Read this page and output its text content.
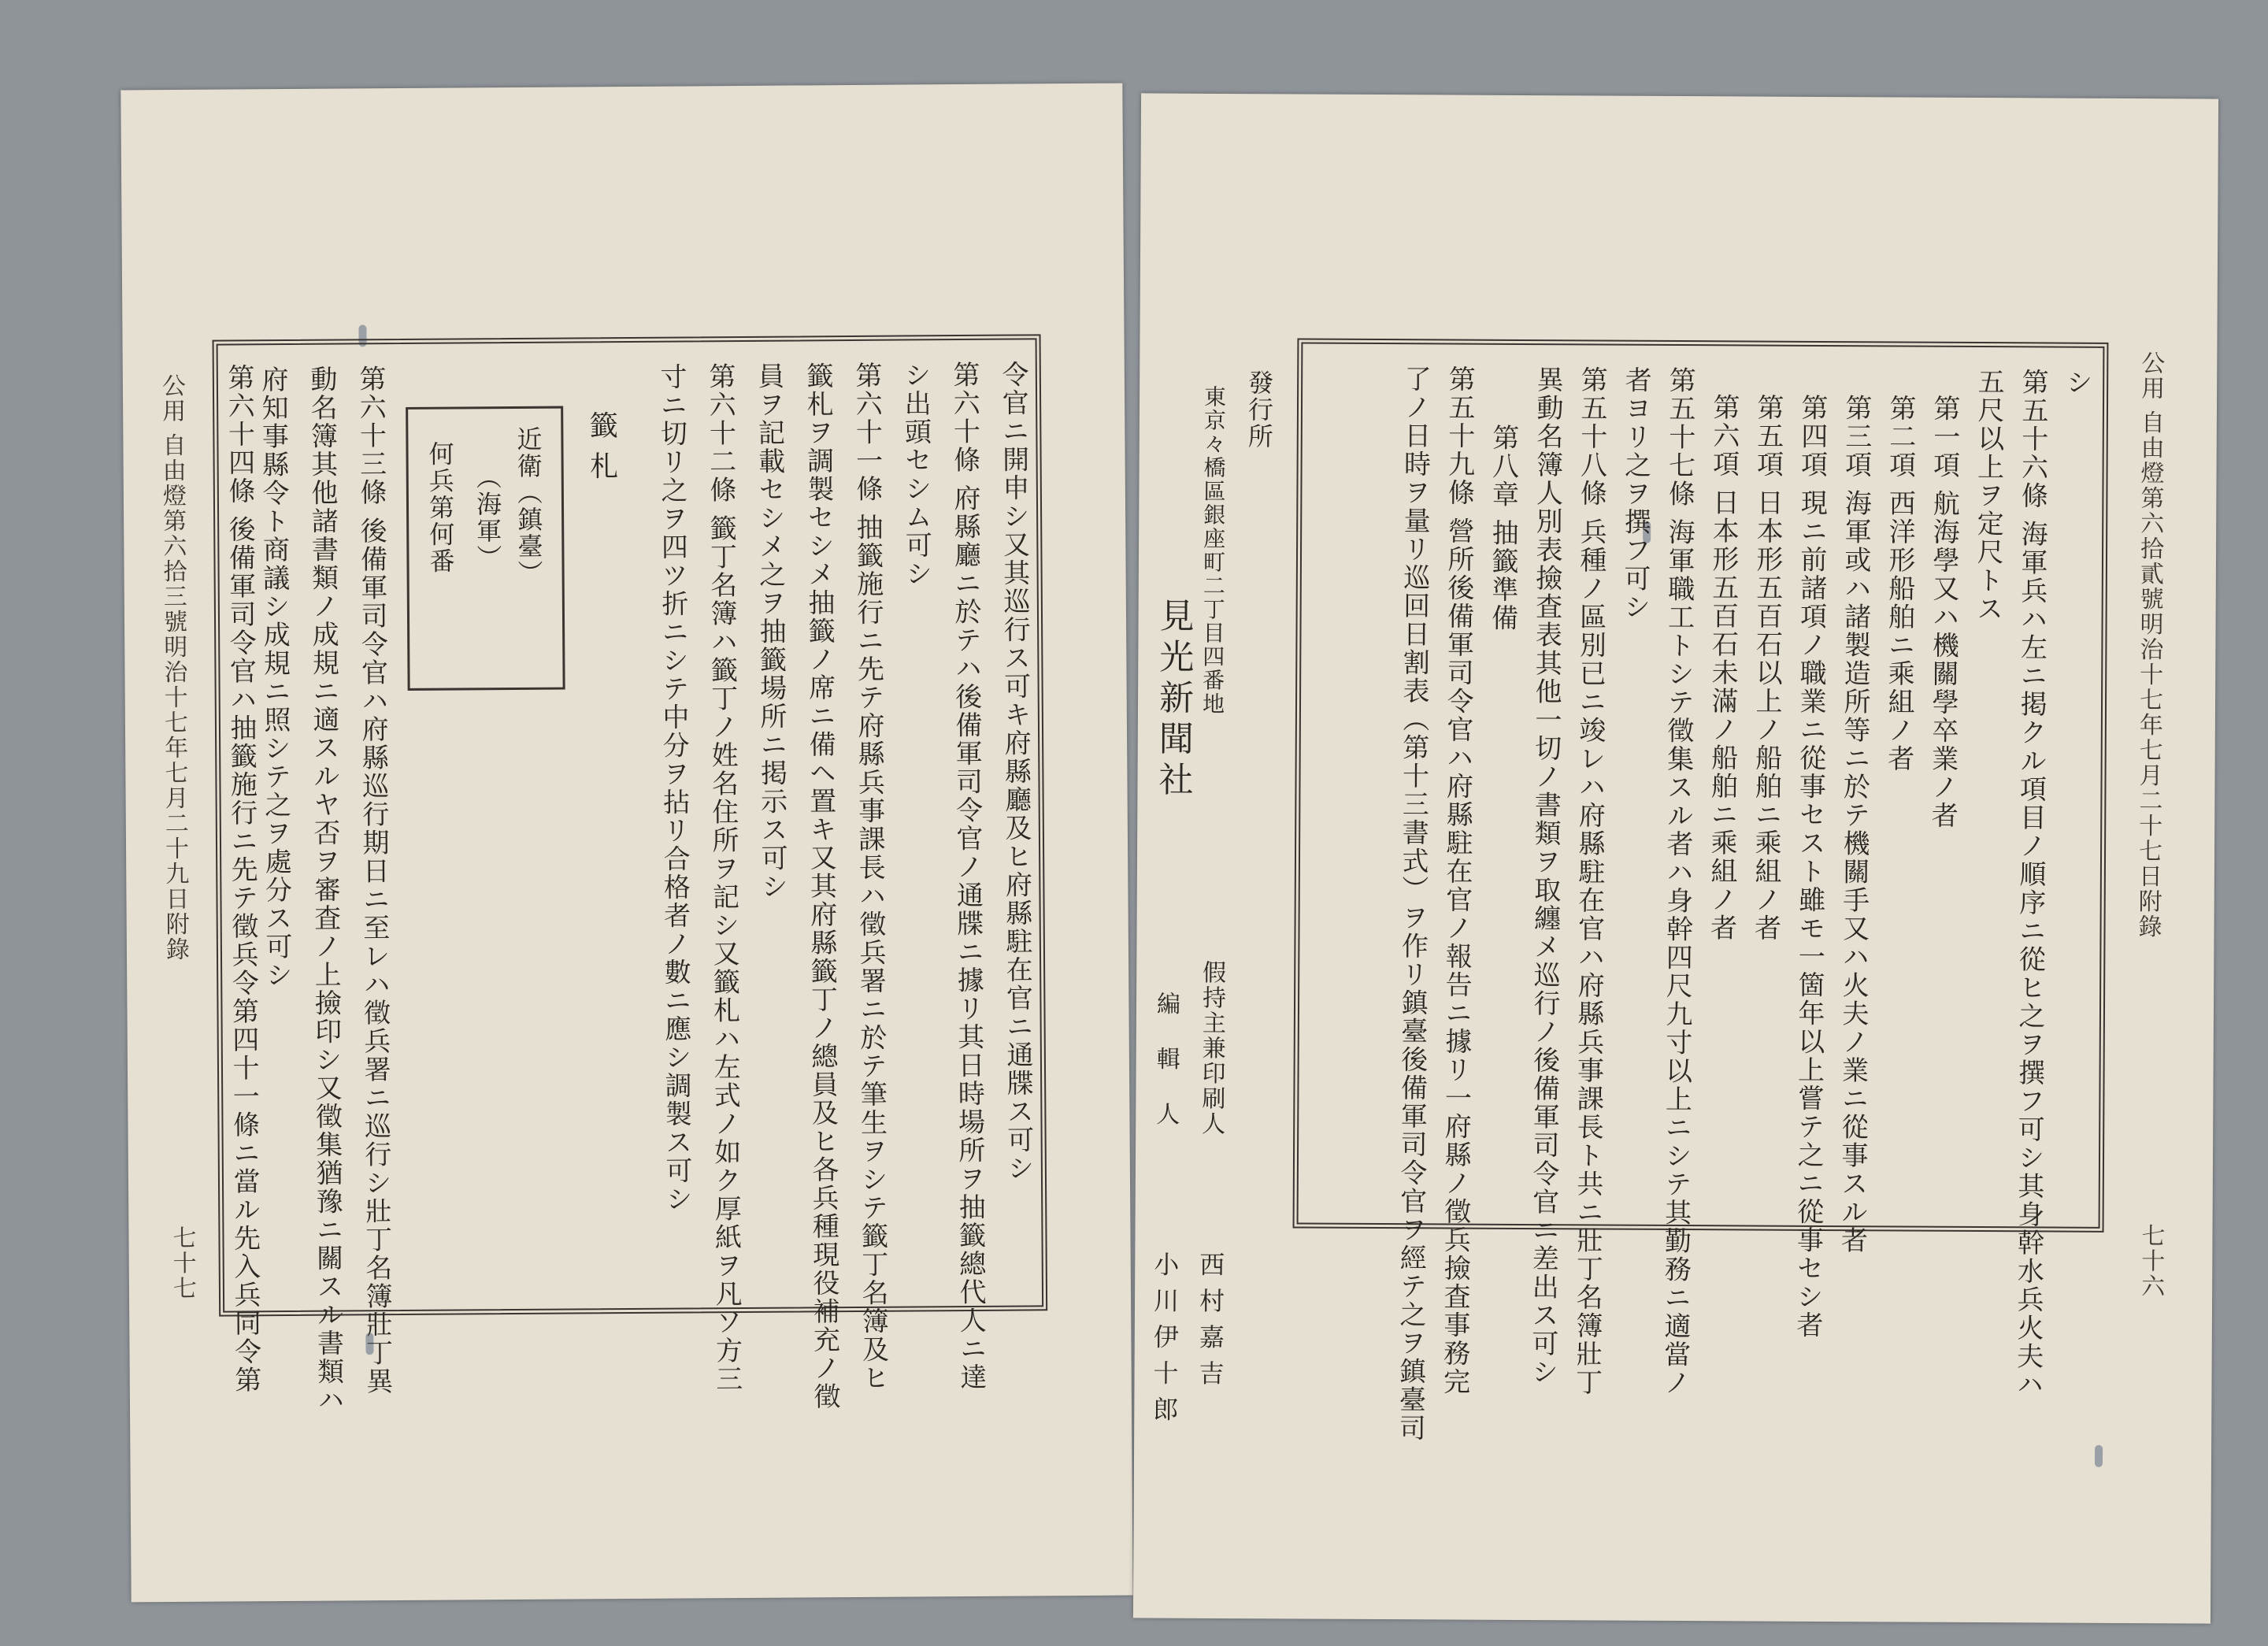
公用 自由燈第六拾三號明治十七年七月二十九日附錄
七十七
令官ニ開申シ又其巡行ス可キ府縣廳及ヒ府縣駐在官ニ通牒ス可シ
第六十條 府縣廳ニ於テハ後備軍司令官ノ通牒ニ據リ其日時場所ヲ抽籤總代人ニ達
シ出頭セシム可シ
第六十一條 抽籤施行ニ先テ府縣兵事課長ハ徵兵署ニ於テ筆生ヲシテ籤丁名簿及ヒ
籤札ヲ調製セシメ抽籤ノ席ニ備ヘ置キ又其府縣籤丁ノ總員及ヒ各兵種現役補充ノ徵
員ヲ記載セシメ之ヲ抽籤場所ニ掲示ス可シ
第六十二條 籤丁名簿ハ籤丁ノ姓名住所ヲ記シ又籤札ハ左式ノ如ク厚紙ヲ凡ソ方三
寸ニ切リ之ヲ四ツ折ニシテ中分ヲ拈リ合格者ノ數ニ應シ調製ス可シ
籤 札
近衛（鎮臺）
（海軍）
何兵第何番
第六十三條 後備軍司令官ハ府縣巡行期日ニ至レハ徵兵署ニ巡行シ壯丁名簿壯丁異
動名簿其他諸書類ノ成規ニ適スルヤ否ヲ審査ノ上撿印シ又徵集猶豫ニ關スル書類ハ
府知事縣令ト商議シ成規ニ照シテ之ヲ處分ス可シ
第六十四條 後備軍司令官ハ抽籤施行ニ先テ徵兵令第四十一條ニ當ル先入兵同令第	公用 自由燈第六拾貳號明治十七年七月二十七日附錄
七十六
シ
第五十六條 海軍兵ハ左ニ掲クル項目ノ順序ニ從ヒ之ヲ撰フ可シ其身幹水兵火夫ハ
五尺以上ヲ定尺トス
第一項 航海學又ハ機關學卒業ノ者
第二項 西洋形船舶ニ乘組ノ者
第三項 海軍或ハ諸製造所等ニ於テ機關手又ハ火夫ノ業ニ從事スル者
第四項 現ニ前諸項ノ職業ニ從事セスト雖モ一箇年以上嘗テ之ニ從事セシ者
第五項 日本形五百石以上ノ船舶ニ乘組ノ者
第六項 日本形五百石未滿ノ船舶ニ乘組ノ者
第五十七條 海軍職工トシテ徵集スル者ハ身幹四尺九寸以上ニシテ其勤務ニ適當ノ
者ヨリ之ヲ撰フ可シ
第五十八條 兵種ノ區別已ニ竣レハ府縣駐在官ハ府縣兵事課長ト共ニ壯丁名簿壯丁
異動名簿人別表撿査表其他一切ノ書類ヲ取纏メ巡行ノ後備軍司令官ニ差出ス可シ
第八章 抽籤準備
第五十九條 營所後備軍司令官ハ府縣駐在官ノ報告ニ據リ一府縣ノ徵兵撿査事務完
了ノ日時ヲ量リ巡回日割表（第十三書式）ヲ作リ鎮臺後備軍司令官ヲ經テ之ヲ鎮臺司
發行所
東京々橋區銀座町二丁目四番地
見光新聞社
假持主兼印刷人
西村嘉吉
編輯人
小川伊十郎
